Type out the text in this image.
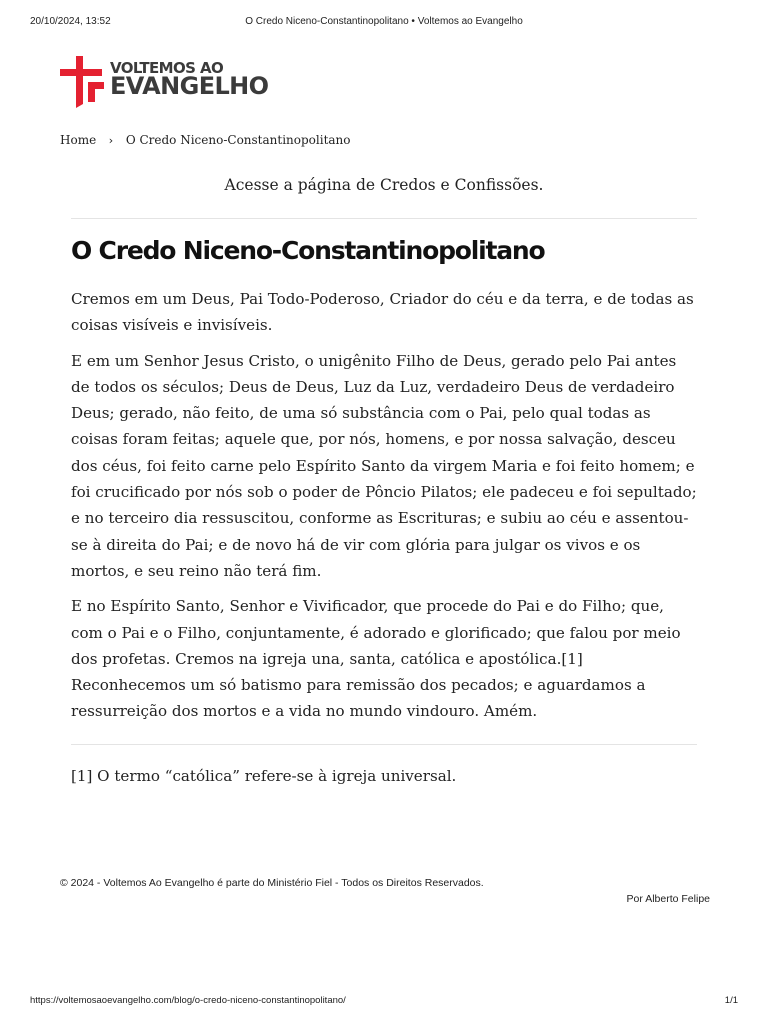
20/10/2024, 13:52	O Credo Niceno-Constantinopolitano • Voltemos ao Evangelho
VOLTEMOS AO
EVANGELHO
Home › O Credo Niceno-Constantinopolitano
Acesse a página de Credos e Confissões.
O Credo Niceno-Constantinopolitano

Cremos em um Deus, Pai Todo-Poderoso, Criador do céu e da terra, e de todas as coisas visíveis e invisíveis.

E em um Senhor Jesus Cristo, o unigênito Filho de Deus, gerado pelo Pai antes de todos os séculos; Deus de Deus, Luz da Luz, verdadeiro Deus de verdadeiro Deus; gerado, não feito, de uma só substância com o Pai, pelo qual todas as coisas foram feitas; aquele que, por nós, homens, e por nossa salvação, desceu dos céus, foi feito carne pelo Espírito Santo da virgem Maria e foi feito homem; e foi crucificado por nós sob o poder de Pôncio Pilatos; ele padeceu e foi sepultado; e no terceiro dia ressuscitou, conforme as Escrituras; e subiu ao céu e assentou-se à direita do Pai; e de novo há de vir com glória para julgar os vivos e os mortos, e seu reino não terá fim.

E no Espírito Santo, Senhor e Vivificador, que procede do Pai e do Filho; que, com o Pai e o Filho, conjuntamente, é adorado e glorificado; que falou por meio dos profetas. Cremos na igreja una, santa, católica e apostólica.[1] Reconhecemos um só batismo para remissão dos pecados; e aguardamos a ressurreição dos mortos e a vida no mundo vindouro. Amém.

[1] O termo “católica” refere-se à igreja universal.

© 2024 - Voltemos Ao Evangelho é parte do Ministério Fiel - Todos os Direitos Reservados.
Por Alberto Felipe
https://voltemosaoevangelho.com/blog/o-credo-niceno-constantinopolitano/	1/1
